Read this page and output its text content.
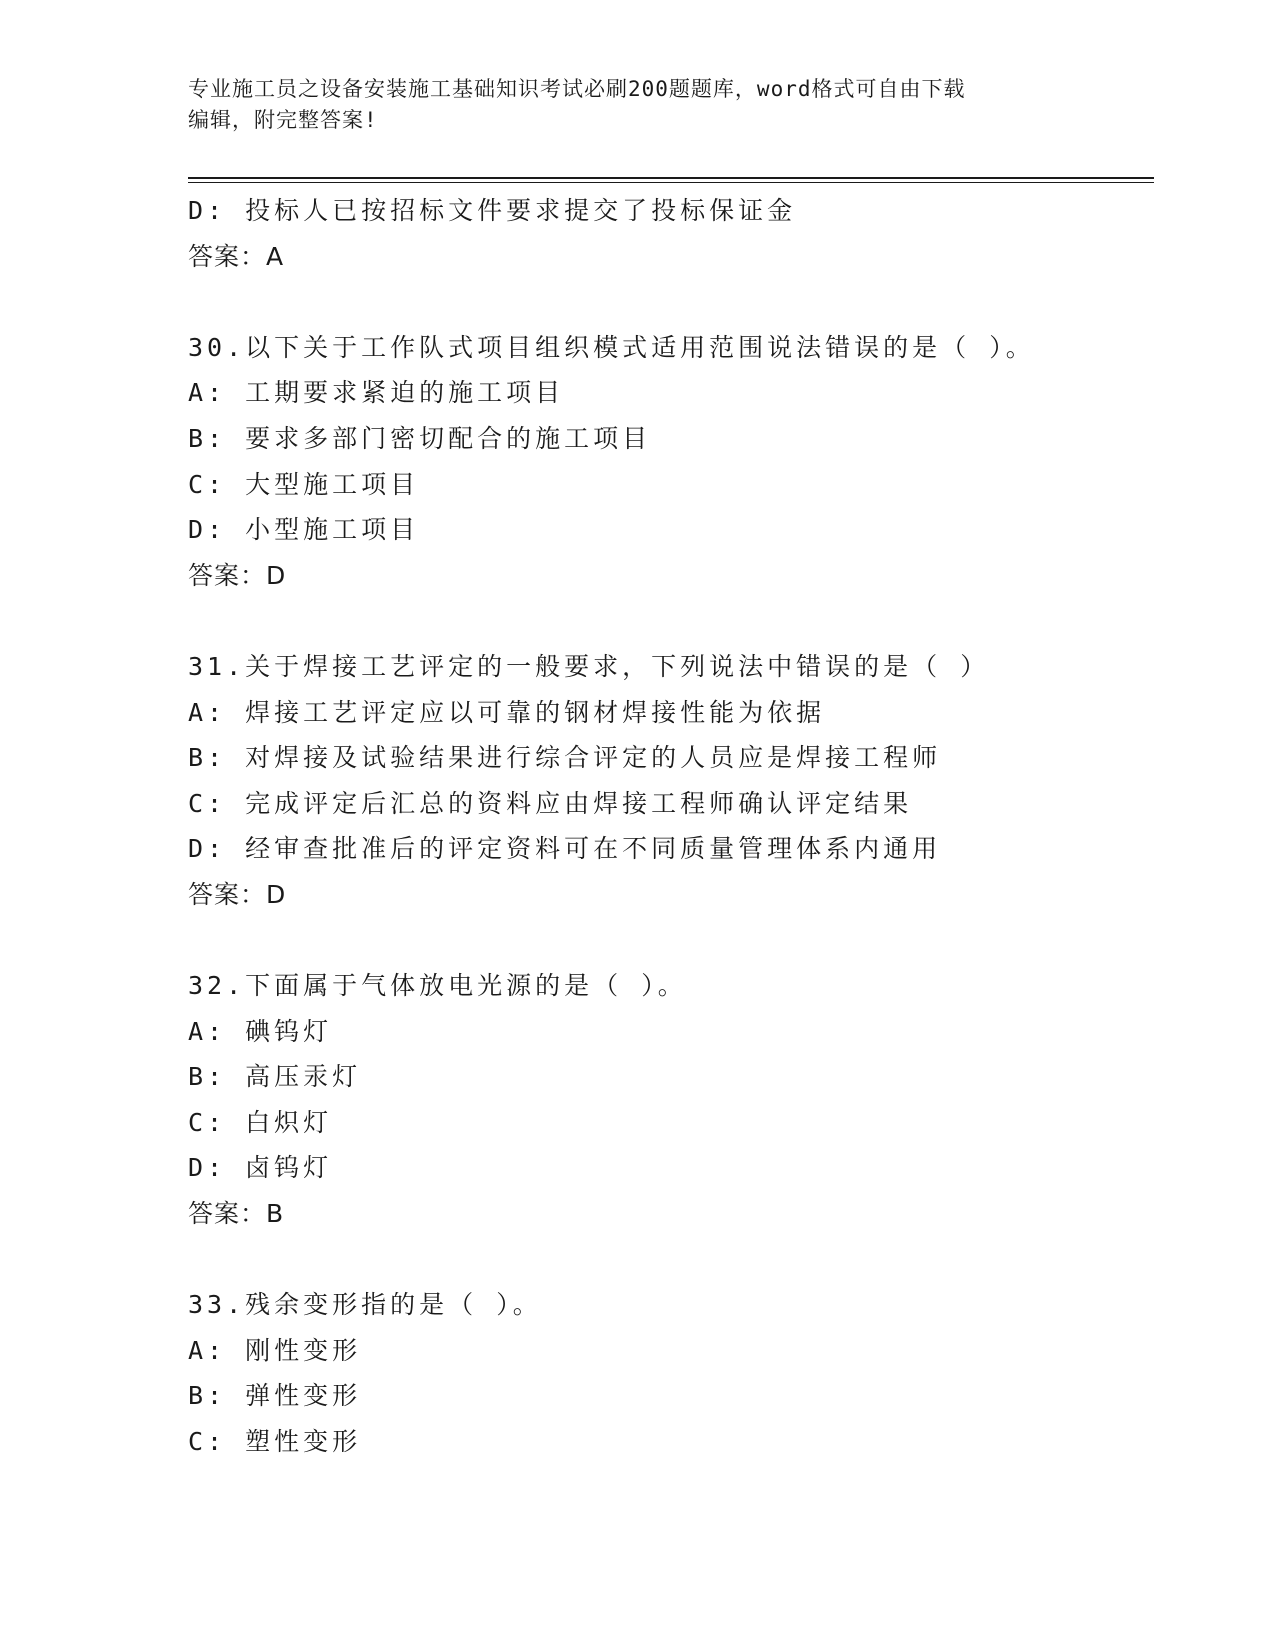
专业施工员之设备安装施工基础知识考试必刷200题题库，word格式可自由下载
编辑，附完整答案!
D: 投标人已按招标文件要求提交了投标保证金
答案：A
30.以下关于工作队式项目组织模式适用范围说法错误的是（ ）。
A: 工期要求紧迫的施工项目
B: 要求多部门密切配合的施工项目
C: 大型施工项目
D: 小型施工项目
答案：D
31.关于焊接工艺评定的一般要求，下列说法中错误的是（ ）
A: 焊接工艺评定应以可靠的钢材焊接性能为依据
B: 对焊接及试验结果进行综合评定的人员应是焊接工程师
C: 完成评定后汇总的资料应由焊接工程师确认评定结果
D: 经审查批准后的评定资料可在不同质量管理体系内通用
答案：D
32.下面属于气体放电光源的是（ ）。
A: 碘钨灯
B: 高压汞灯
C: 白炽灯
D: 卤钨灯
答案：B
33.残余变形指的是（ ）。
A: 刚性变形
B: 弹性变形
C: 塑性变形
